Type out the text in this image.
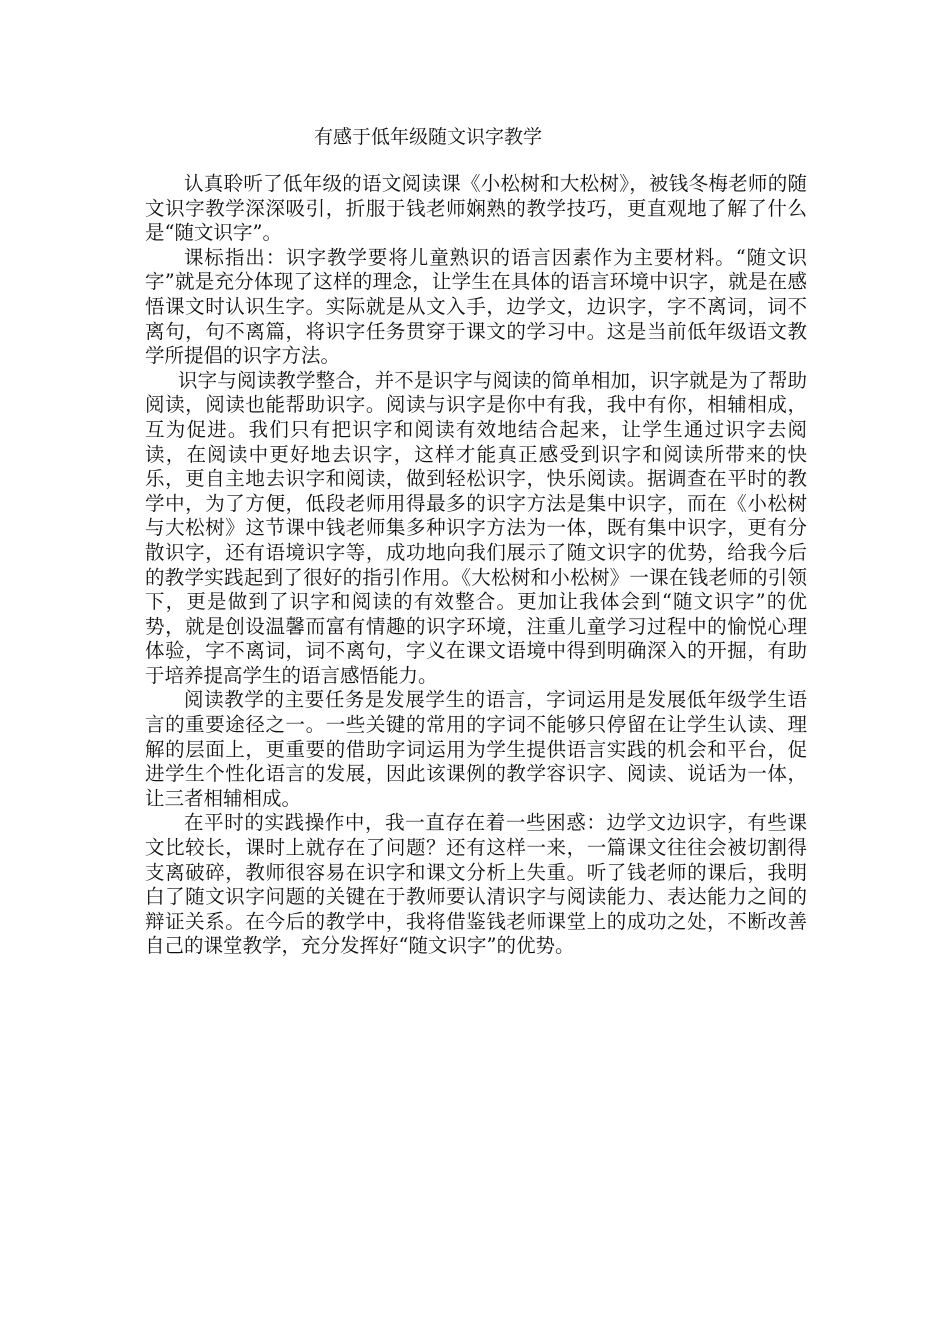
有感于低年级随文识字教学

认真聆听了低年级的语文阅读课《小松树和大松树》，被钱冬梅老师的随文识字教学深深吸引，折服于钱老师娴熟的教学技巧，更直观地了解了什么是“随文识字”。

课标指出：识字教学要将儿童熟识的语言因素作为主要材料。“随文识字”就是充分体现了这样的理念，让学生在具体的语言环境中识字，就是在感悟课文时认识生字。实际就是从文入手，边学文，边识字，字不离词，词不离句，句不离篇，将识字任务贯穿于课文的学习中。这是当前低年级语文教学所提倡的识字方法。

识字与阅读教学整合，并不是识字与阅读的简单相加，识字就是为了帮助阅读，阅读也能帮助识字。阅读与识字是你中有我，我中有你，相辅相成，互为促进。我们只有把识字和阅读有效地结合起来，让学生通过识字去阅读，在阅读中更好地去识字，这样才能真正感受到识字和阅读所带来的快乐，更自主地去识字和阅读，做到轻松识字，快乐阅读。据调查在平时的教学中，为了方便，低段老师用得最多的识字方法是集中识字，而在《小松树与大松树》这节课中钱老师集多种识字方法为一体，既有集中识字，更有分散识字，还有语境识字等，成功地向我们展示了随文识字的优势，给我今后的教学实践起到了很好的指引作用。《大松树和小松树》一课在钱老师的引领下，更是做到了识字和阅读的有效整合。更加让我体会到“随文识字”的优势，就是创设温馨而富有情趣的识字环境，注重儿童学习过程中的愉悦心理体验，字不离词，词不离句，字义在课文语境中得到明确深入的开掘，有助于培养提高学生的语言感悟能力。

阅读教学的主要任务是发展学生的语言，字词运用是发展低年级学生语言的重要途径之一。一些关键的常用的字词不能够只停留在让学生认读、理解的层面上，更重要的借助字词运用为学生提供语言实践的机会和平台，促进学生个性化语言的发展，因此该课例的教学容识字、阅读、说话为一体，让三者相辅相成。

在平时的实践操作中，我一直存在着一些困惑：边学文边识字，有些课文比较长，课时上就存在了问题？还有这样一来，一篇课文往往会被切割得支离破碎，教师很容易在识字和课文分析上失重。听了钱老师的课后，我明白了随文识字问题的关键在于教师要认清识字与阅读能力、表达能力之间的辩证关系。在今后的教学中，我将借鉴钱老师课堂上的成功之处，不断改善自己的课堂教学，充分发挥好“随文识字”的优势。
